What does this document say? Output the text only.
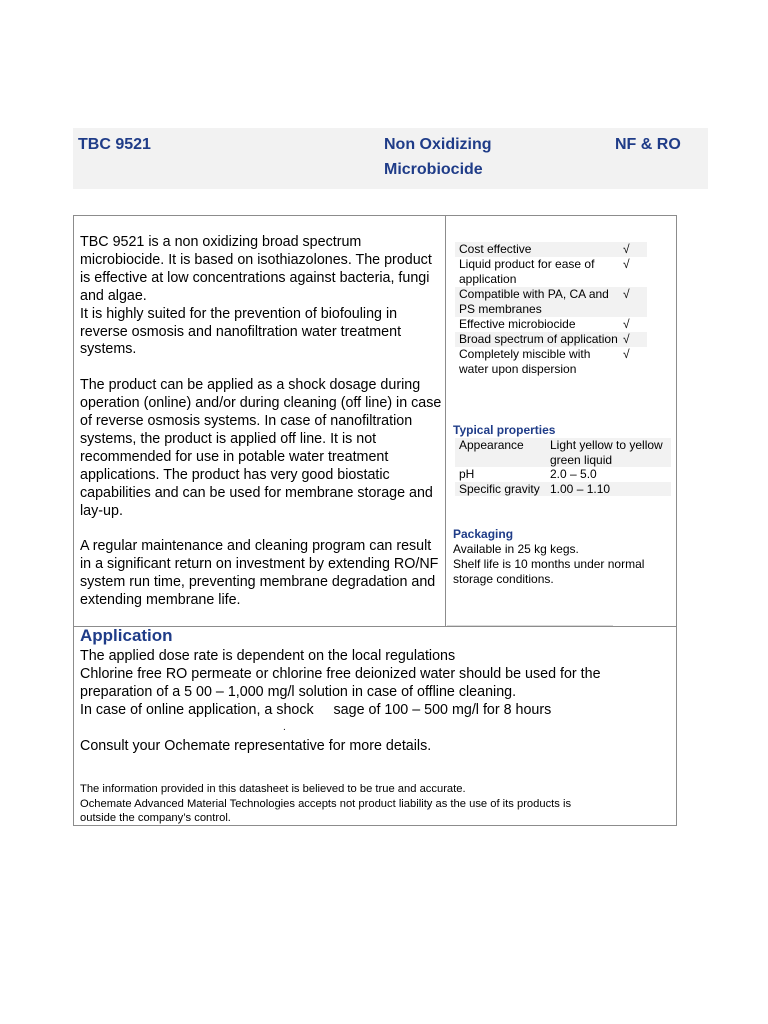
TBC 9521	Non Oxidizing
Microbiocide
NF & RO

TBC 9521 is a non oxidizing broad spectrum microbiocide. It is based on isothiazolones. The product is effective at low concentrations against bacteria, fungi and algae.
It is highly suited for the prevention of biofouling in reverse osmosis and nanofiltration water treatment systems.

The product can be applied as a shock dosage during operation (online) and/or during cleaning (off line) in case of reverse osmosis systems. In case of nanofiltration systems, the product is applied off line. It is not recommended for use in potable water treatment applications. The product has very good biostatic capabilities and can be used for membrane storage and lay-up.

A regular maintenance and cleaning program can result in a significant return on investment by extending RO/NF system run time, preventing membrane degradation and extending membrane life.

Cost effective	√
Liquid product for ease of application	√
Compatible with PA, CA and PS membranes	√
Effective microbiocide	√
Broad spectrum of application	√
Completely miscible with water upon dispersion	√
Typical properties
Appearance	Light yellow to yellow green liquid
pH	2.0 – 5.0
Specific gravity	1.00 – 1.10
Packaging
Available in 25 kg kegs.
Shelf life is 10 months under normal storage conditions.
Application
The applied dose rate is dependent on the local regulations
Chlorine free RO permeate or chlorine free deionized water should be used for the
preparation of a 5 00 – 1,000 mg/l solution in case of offline cleaning.
In case of online application, a shock     sage of 100 – 500 mg/l for 8 hours
Consult your Ochemate representative for more details.
.
The information provided in this datasheet is believed to be true and accurate.
Ochemate Advanced Material Technologies accepts not product liability as the use of its products is
outside the company’s control.
